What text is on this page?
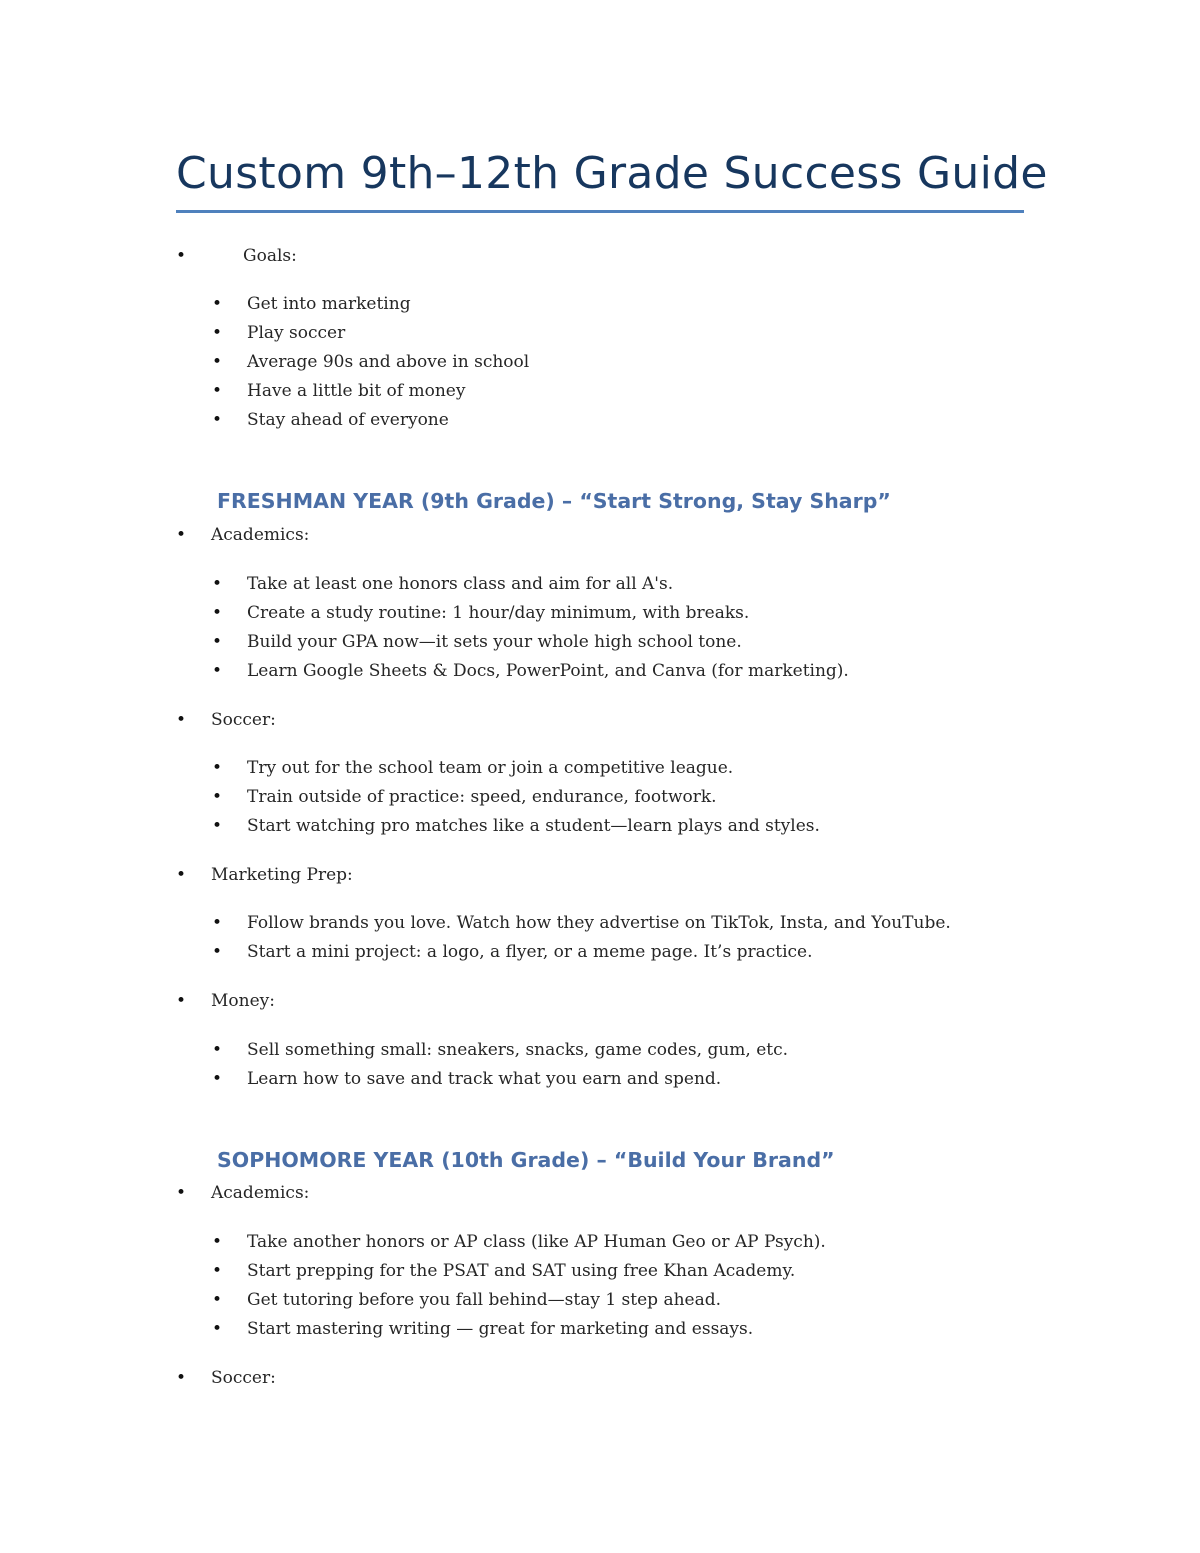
Custom 9th–12th Grade Success Guide
•	Goals:
• Get into marketing
• Play soccer
• Average 90s and above in school
• Have a little bit of money
• Stay ahead of everyone
FRESHMAN YEAR (9th Grade) – “Start Strong, Stay Sharp”
• Academics:
• Take at least one honors class and aim for all A's.
• Create a study routine: 1 hour/day minimum, with breaks.
• Build your GPA now—it sets your whole high school tone.
• Learn Google Sheets & Docs, PowerPoint, and Canva (for marketing).
• Soccer:
• Try out for the school team or join a competitive league.
• Train outside of practice: speed, endurance, footwork.
• Start watching pro matches like a student—learn plays and styles.
• Marketing Prep:
• Follow brands you love. Watch how they advertise on TikTok, Insta, and YouTube.
• Start a mini project: a logo, a flyer, or a meme page. It’s practice.
• Money:
• Sell something small: sneakers, snacks, game codes, gum, etc.
• Learn how to save and track what you earn and spend.
SOPHOMORE YEAR (10th Grade) – “Build Your Brand”
• Academics:
• Take another honors or AP class (like AP Human Geo or AP Psych).
• Start prepping for the PSAT and SAT using free Khan Academy.
• Get tutoring before you fall behind—stay 1 step ahead.
• Start mastering writing — great for marketing and essays.
• Soccer:
